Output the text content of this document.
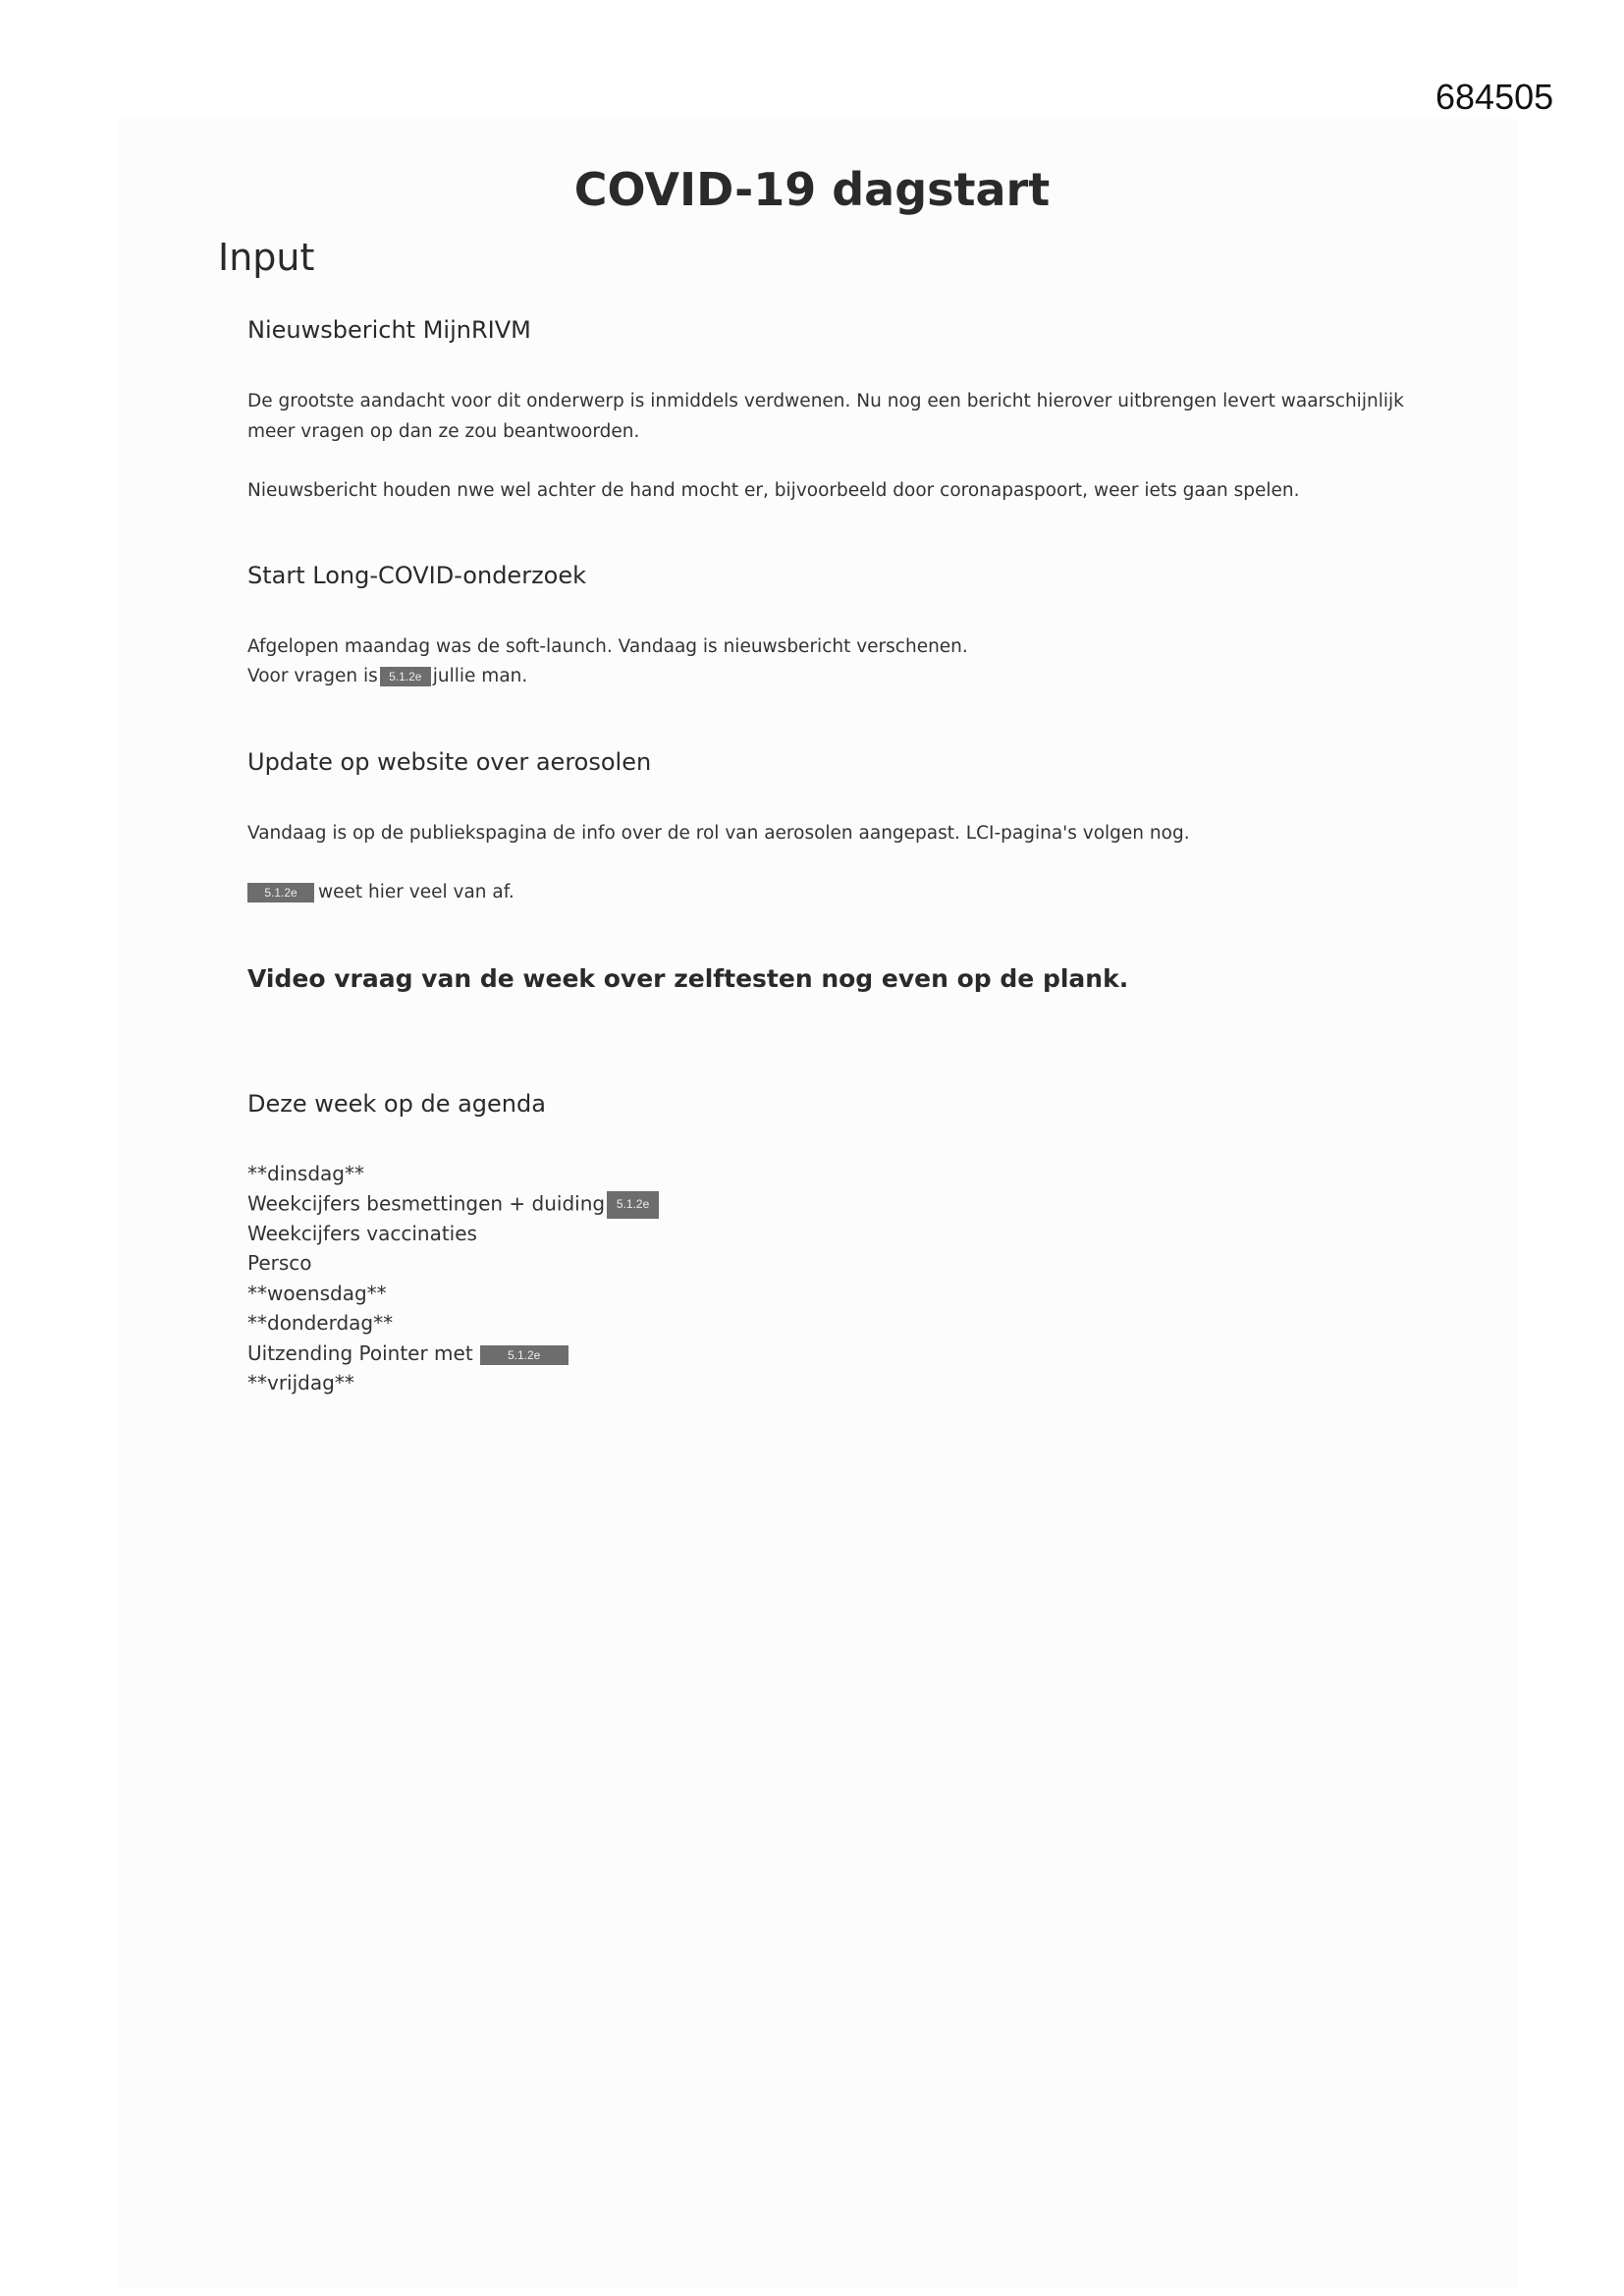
684505
COVID-19 dagstart
Input
Nieuwsbericht MijnRIVM
De grootste aandacht voor dit onderwerp is inmiddels verdwenen. Nu nog een bericht hierover uitbrengen levert waarschijnlijk
meer vragen op dan ze zou beantwoorden.
Nieuwsbericht houden nwe wel achter de hand mocht er, bijvoorbeeld door coronapaspoort, weer iets gaan spelen.
Start Long-COVID-onderzoek
Afgelopen maandag was de soft-launch. Vandaag is nieuwsbericht verschenen.
Voor vragen is 5.1.2e jullie man.
Update op website over aerosolen
Vandaag is op de publiekspagina de info over de rol van aerosolen aangepast. LCI-pagina's volgen nog.
5.1.2e weet hier veel van af.
Video vraag van de week over zelftesten nog even op de plank.
Deze week op de agenda
**dinsdag**
Weekcijfers besmettingen + duiding 5.1.2e
Weekcijfers vaccinaties
Persco
**woensdag**
**donderdag**
Uitzending Pointer met	5.1.2e
**vrijdag**
